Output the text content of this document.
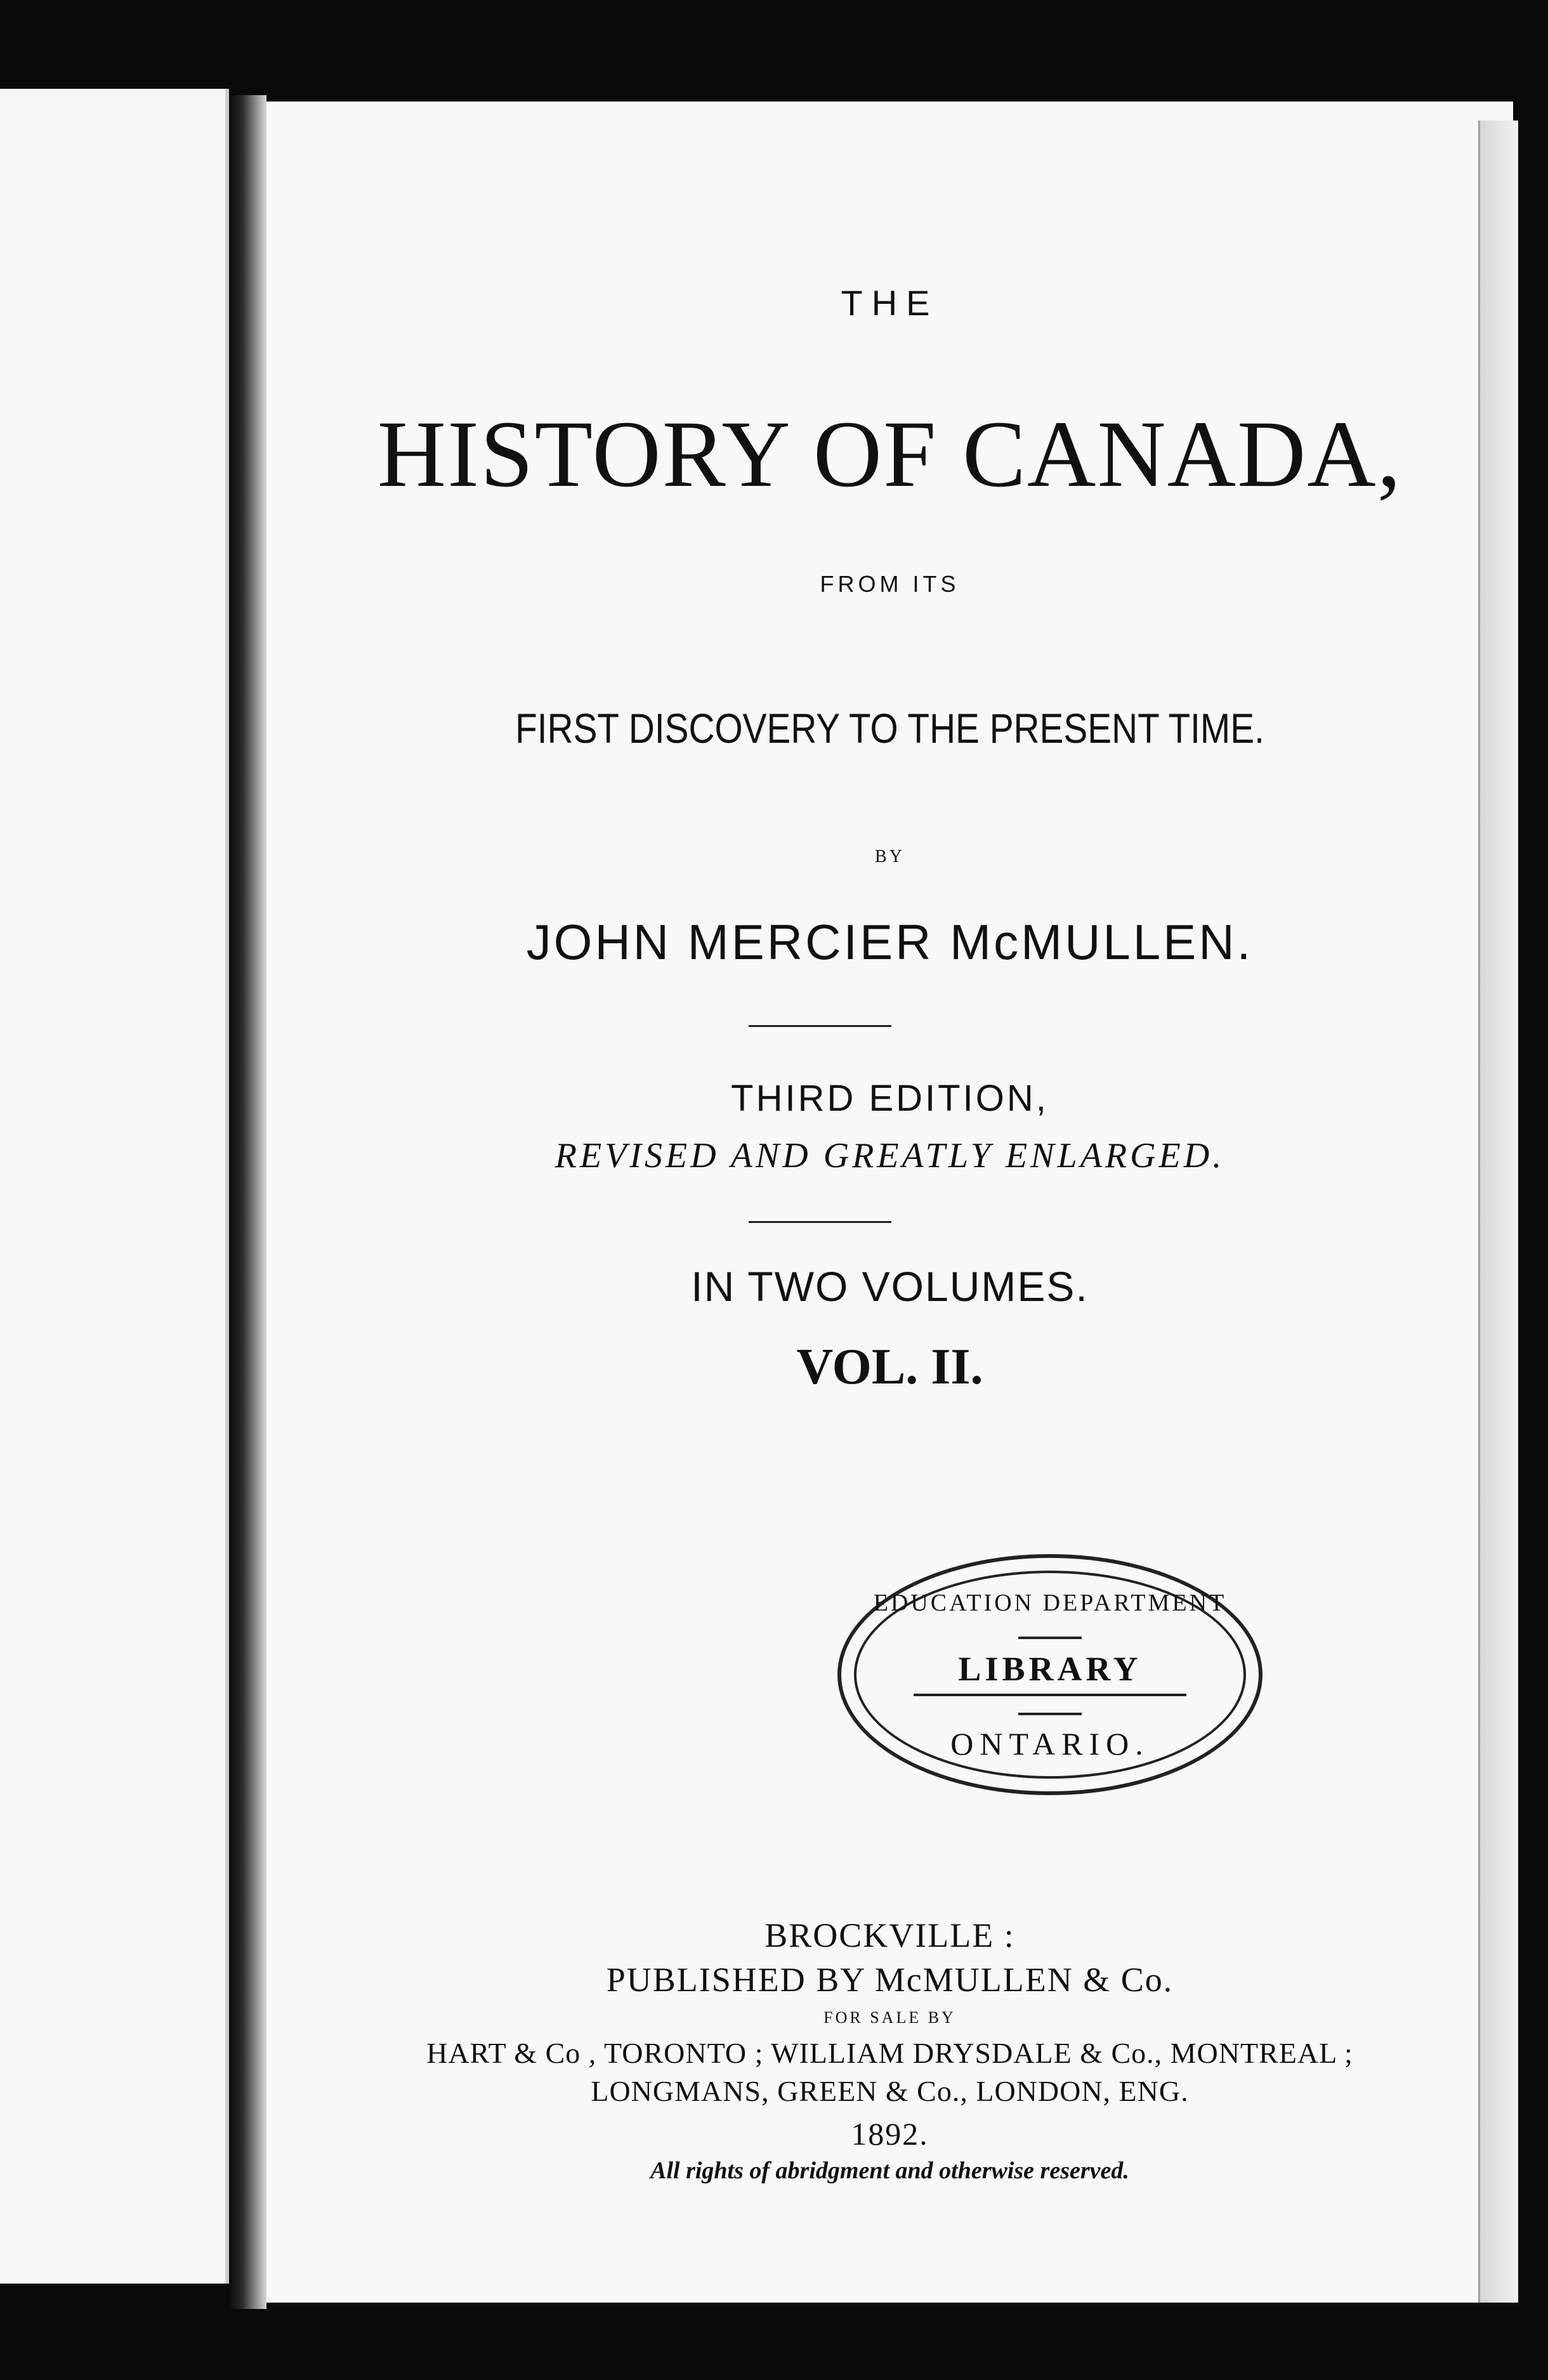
THE
HISTORY OF CANADA,
FROM ITS
FIRST DISCOVERY TO THE PRESENT TIME.
BY
JOHN MERCIER McMULLEN.
THIRD EDITION,
REVISED AND GREATLY ENLARGED.
IN TWO VOLUMES.
VOL. II.
EDUCATION DEPARTMENT
LIBRARY
ONTARIO.
BROCKVILLE :
PUBLISHED BY McMULLEN & Co.
FOR SALE BY
HART & Co , TORONTO ; WILLIAM DRYSDALE & Co., MONTREAL ;
LONGMANS, GREEN & Co., LONDON, ENG.
1892.
All rights of abridgment and otherwise reserved.
